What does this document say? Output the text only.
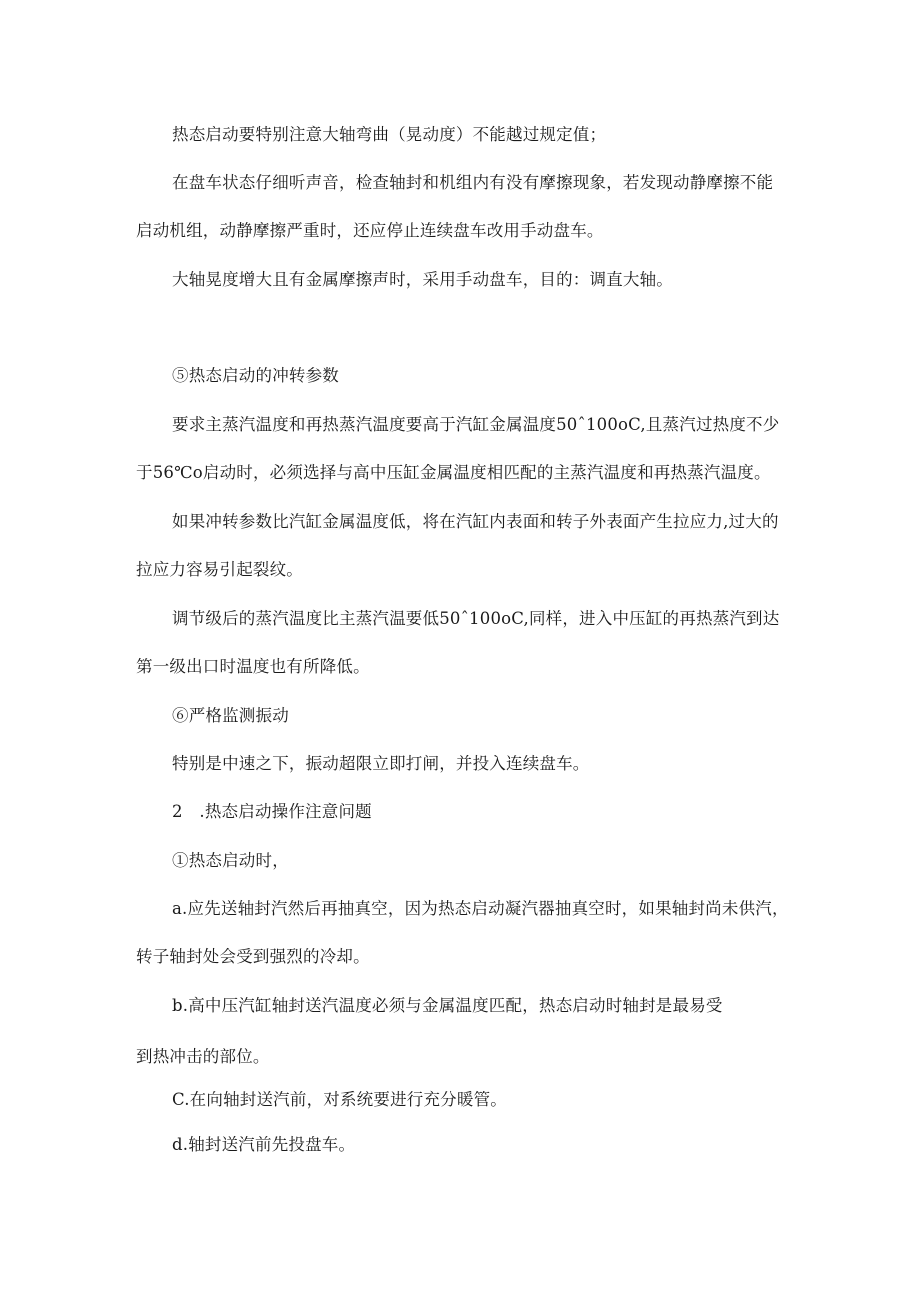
热态启动要特别注意大轴弯曲（晃动度）不能越过规定值；
在盘车状态仔细听声音，检查轴封和机组内有没有摩擦现象，若发现动静摩擦不能
启动机组，动静摩擦严重时，还应停止连续盘车改用手动盘车。
大轴晃度增大且有金属摩擦声时，采用手动盘车，目的：调直大轴。
⑤热态启动的冲转参数
要求主蒸汽温度和再热蒸汽温度要高于汽缸金属温度50ˆ100oC,且蒸汽过热度不少
于56℃o启动时，必须选择与高中压缸金属温度相匹配的主蒸汽温度和再热蒸汽温度。
如果冲转参数比汽缸金属温度低，将在汽缸内表面和转子外表面产生拉应力,过大的
拉应力容易引起裂纹。
调节级后的蒸汽温度比主蒸汽温要低50ˆ100oC,同样，进入中压缸的再热蒸汽到达
第一级出口时温度也有所降低。
⑥严格监测振动
特别是中速之下，振动超限立即打闸，并投入连续盘车。
2　.热态启动操作注意问题
①热态启动时，
a.应先送轴封汽然后再抽真空，因为热态启动凝汽器抽真空时，如果轴封尚未供汽，
转子轴封处会受到强烈的冷却。
b.高中压汽缸轴封送汽温度必须与金属温度匹配，热态启动时轴封是最易受
到热冲击的部位。
C.在向轴封送汽前，对系统要进行充分暖管。
d.轴封送汽前先投盘车。
